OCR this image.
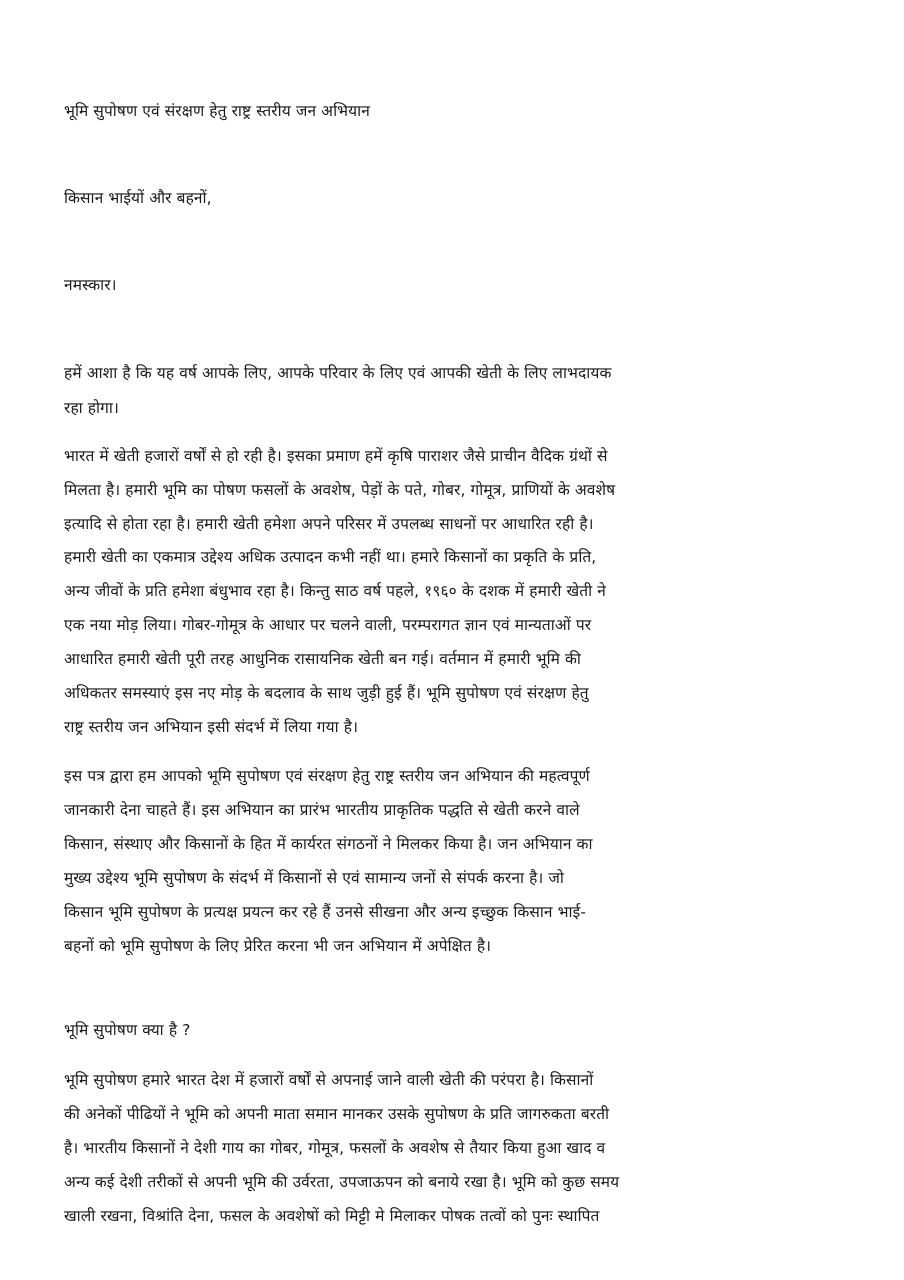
भूमि सुपोषण एवं संरक्षण हेतु राष्ट्र स्तरीय जन अभियान
किसान भाईयों और बहनों,
नमस्कार।
हमें आशा है कि यह वर्ष आपके लिए, आपके परिवार के लिए एवं आपकी खेती के लिए लाभदायक
रहा होगा।
भारत में खेती हजारों वर्षों से हो रही है। इसका प्रमाण हमें कृषि पाराशर जैसे प्राचीन वैदिक ग्रंथों से
मिलता है। हमारी भूमि का पोषण फसलों के अवशेष, पेड़ों के पते, गोबर, गोमूत्र, प्राणियों के अवशेष
इत्यादि से होता रहा है। हमारी खेती हमेशा अपने परिसर में उपलब्ध साधनों पर आधारित रही है।
हमारी खेती का एकमात्र उद्देश्य अधिक उत्पादन कभी नहीं था। हमारे किसानों का प्रकृति के प्रति,
अन्य जीवों के प्रति हमेशा बंधुभाव रहा है। किन्तु साठ वर्ष पहले, १९६० के दशक में हमारी खेती ने
एक नया मोड़ लिया। गोबर-गोमूत्र के आधार पर चलने वाली, परम्परागत ज्ञान एवं मान्यताओं पर
आधारित हमारी खेती पूरी तरह आधुनिक रासायनिक खेती बन गई। वर्तमान में हमारी भूमि की
अधिकतर समस्याएं इस नए मोड़ के बदलाव के साथ जुड़ी हुई हैं। भूमि सुपोषण एवं संरक्षण हेतु
राष्ट्र स्तरीय जन अभियान इसी संदर्भ में लिया गया है।
इस पत्र द्वारा हम आपको भूमि सुपोषण एवं संरक्षण हेतु राष्ट्र स्तरीय जन अभियान की महत्वपूर्ण
जानकारी देना चाहते हैं। इस अभियान का प्रारंभ भारतीय प्राकृतिक पद्धति से खेती करने वाले
किसान, संस्थाए और किसानों के हित में कार्यरत संगठनों ने मिलकर किया है। जन अभियान का
मुख्य उद्देश्य भूमि सुपोषण के संदर्भ में किसानों से एवं सामान्य जनों से संपर्क करना है। जो
किसान भूमि सुपोषण के प्रत्यक्ष प्रयत्न कर रहे हैं उनसे सीखना और अन्य इच्छुक किसान भाई-
बहनों को भूमि सुपोषण के लिए प्रेरित करना भी जन अभियान में अपेक्षित है।
भूमि सुपोषण क्या है ?
भूमि सुपोषण हमारे भारत देश में हजारों वर्षों से अपनाई जाने वाली खेती की परंपरा है। किसानों
की अनेकों पीढियों ने भूमि को अपनी माता समान मानकर उसके सुपोषण के प्रति जागरुकता बरती
है। भारतीय किसानों ने देशी गाय का गोबर, गोमूत्र, फसलों के अवशेष से तैयार किया हुआ खाद व
अन्य कई देशी तरीकों से अपनी भूमि की उर्वरता, उपजाऊपन को बनाये रखा है। भूमि को कुछ समय
खाली रखना, विश्रांति देना, फसल के अवशेषों को मिट्टी मे मिलाकर पोषक तत्वों को पुनः स्थापित
